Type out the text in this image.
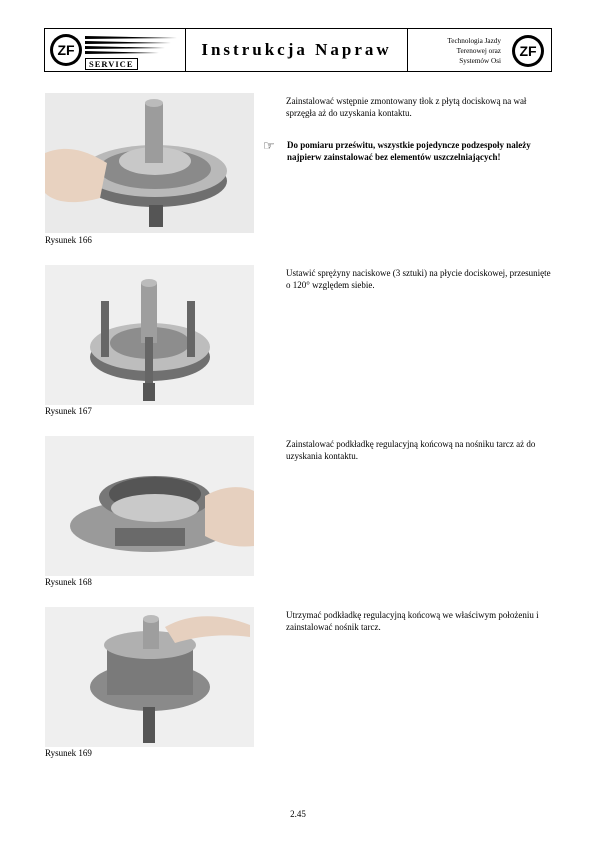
ZF
SERVICE
Instrukcja Napraw	Technologia Jazdy
Terenowej oraz
Systemów Osi
ZF
Rysunek 166
Zainstalować wstępnie zmontowany tłok z płytą dociskową na wał sprzęgła aż do uzyskania kontaktu.
☞	Do pomiaru prześwitu, wszystkie pojedyncze podzespoły należy najpierw zainstalować bez elementów uszczelniających!
Rysunek 167
Ustawić sprężyny naciskowe (3 sztuki) na płycie dociskowej, przesunięte o 120° względem siebie.
Rysunek 168
Zainstalować podkładkę regulacyjną końcową na nośniku tarcz aż do uzyskania kontaktu.
Rysunek 169
Utrzymać podkładkę regulacyjną końcową we właściwym położeniu i zainstalować nośnik tarcz.
2.45
